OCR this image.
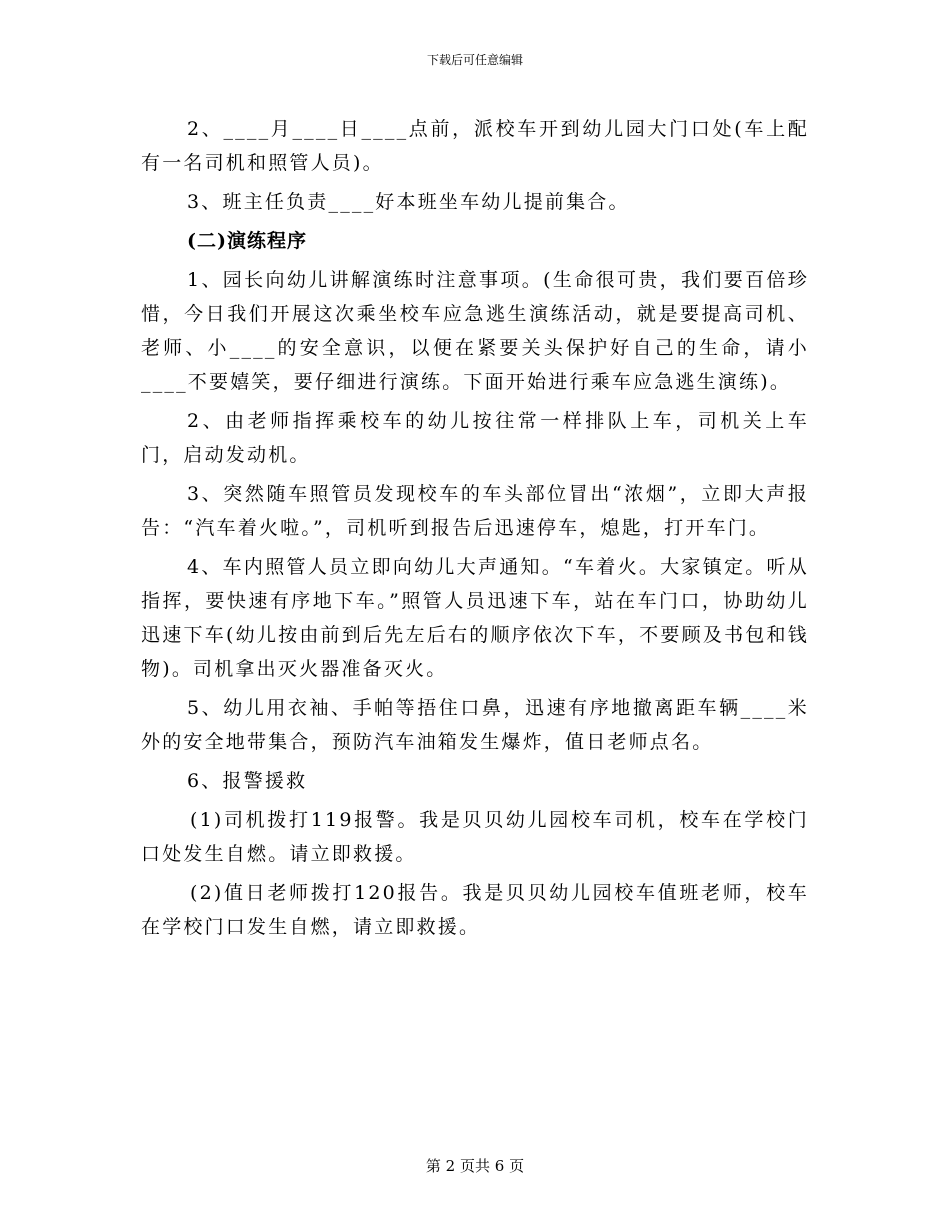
下载后可任意编辑

2、____月____日____点前，派校车开到幼儿园大门口处(车上配有一名司机和照管人员)。

3、班主任负责____好本班坐车幼儿提前集合。

(二)演练程序

1、园长向幼儿讲解演练时注意事项。(生命很可贵，我们要百倍珍惜，今日我们开展这次乘坐校车应急逃生演练活动，就是要提高司机、老师、小____的安全意识，以便在紧要关头保护好自己的生命，请小____不要嬉笑，要仔细进行演练。下面开始进行乘车应急逃生演练)。

2、由老师指挥乘校车的幼儿按往常一样排队上车，司机关上车门，启动发动机。

3、突然随车照管员发现校车的车头部位冒出“浓烟”，立即大声报告：“汽车着火啦。”，司机听到报告后迅速停车，熄匙，打开车门。

4、车内照管人员立即向幼儿大声通知。“车着火。大家镇定。听从指挥，要快速有序地下车。”照管人员迅速下车，站在车门口，协助幼儿迅速下车(幼儿按由前到后先左后右的顺序依次下车，不要顾及书包和钱物)。司机拿出灭火器准备灭火。

5、幼儿用衣袖、手帕等捂住口鼻，迅速有序地撤离距车辆____米外的安全地带集合，预防汽车油箱发生爆炸，值日老师点名。

6、报警援救

(1)司机拨打119报警。我是贝贝幼儿园校车司机，校车在学校门口处发生自燃。请立即救援。

(2)值日老师拨打120报告。我是贝贝幼儿园校车值班老师，校车在学校门口发生自燃，请立即救援。

第 2 页共 6 页
